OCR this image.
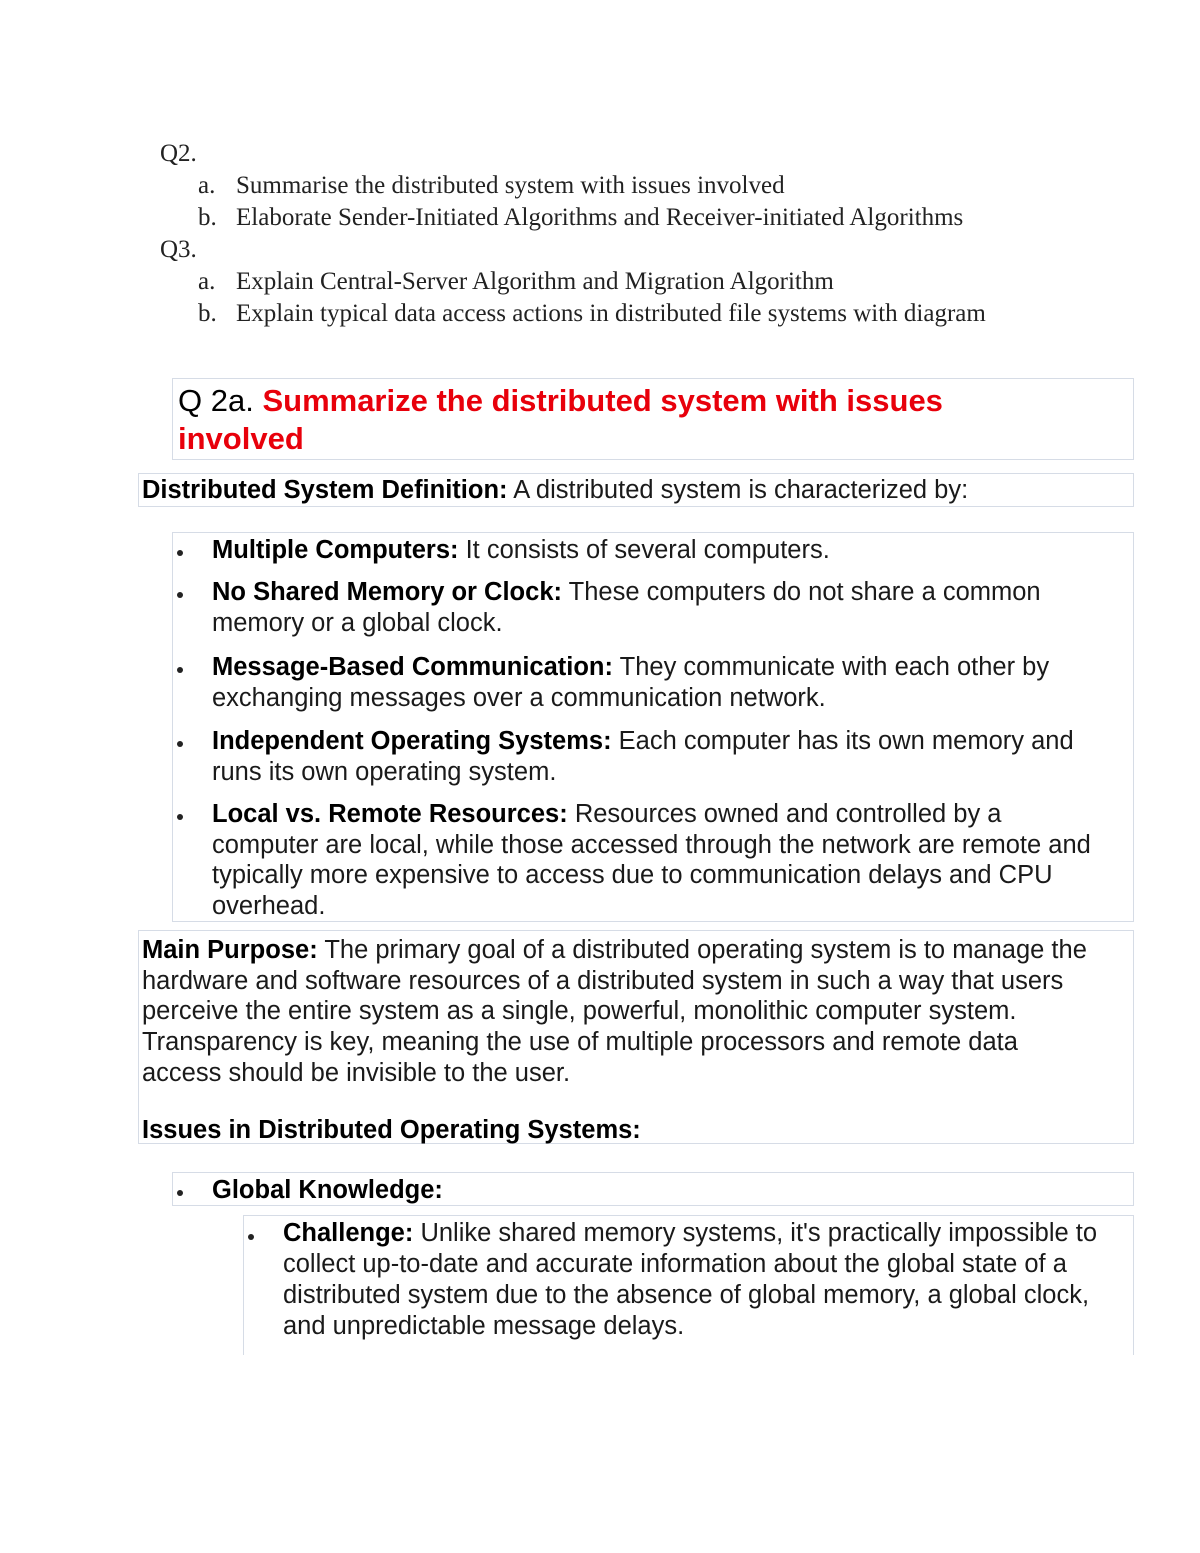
Q2.
a. Summarise the distributed system with issues involved
b. Elaborate Sender-Initiated Algorithms and Receiver-initiated Algorithms
Q3.
a. Explain Central-Server Algorithm and Migration Algorithm
b. Explain typical data access actions in distributed file systems with diagram
Q 2a. Summarize the distributed system with issues
involved
Distributed System Definition: A distributed system is characterized by:
Multiple Computers: It consists of several computers.
No Shared Memory or Clock: These computers do not share a common
memory or a global clock.
Message-Based Communication: They communicate with each other by
exchanging messages over a communication network.
Independent Operating Systems: Each computer has its own memory and
runs its own operating system.
Local vs. Remote Resources: Resources owned and controlled by a
computer are local, while those accessed through the network are remote and
typically more expensive to access due to communication delays and CPU
overhead.
Main Purpose: The primary goal of a distributed operating system is to manage the
hardware and software resources of a distributed system in such a way that users
perceive the entire system as a single, powerful, monolithic computer system.
Transparency is key, meaning the use of multiple processors and remote data
access should be invisible to the user.
Issues in Distributed Operating Systems:
Global Knowledge:
Challenge: Unlike shared memory systems, it's practically impossible to
collect up-to-date and accurate information about the global state of a
distributed system due to the absence of global memory, a global clock,
and unpredictable message delays.
